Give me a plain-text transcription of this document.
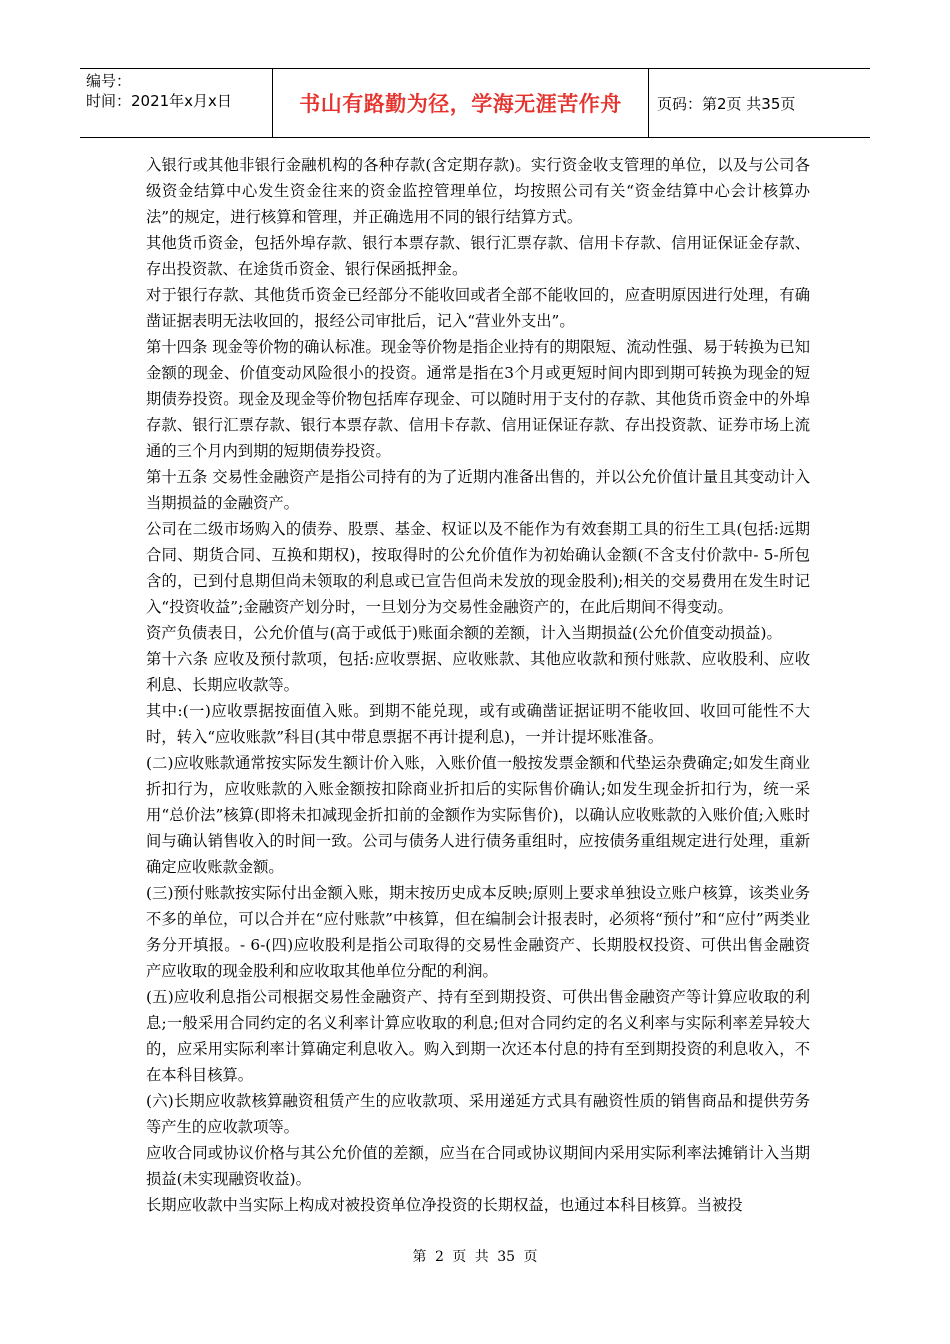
编号：
时间：2021年x月x日	书山有路勤为径，学海无涯苦作舟	页码：第2页 共35页

入银行或其他非银行金融机构的各种存款(含定期存款)。实行资金收支管理的单位，以及与公司各级资金结算中心发生资金往来的资金监控管理单位，均按照公司有关“资金结算中心会计核算办法”的规定，进行核算和管理，并正确选用不同的银行结算方式。

其他货币资金，包括外埠存款、银行本票存款、银行汇票存款、信用卡存款、信用证保证金存款、存出投资款、在途货币资金、银行保函抵押金。

对于银行存款、其他货币资金已经部分不能收回或者全部不能收回的，应查明原因进行处理，有确凿证据表明无法收回的，报经公司审批后，记入“营业外支出”。

第十四条 现金等价物的确认标准。现金等价物是指企业持有的期限短、流动性强、易于转换为已知金额的现金、价值变动风险很小的投资。通常是指在3个月或更短时间内即到期可转换为现金的短期债券投资。现金及现金等价物包括库存现金、可以随时用于支付的存款、其他货币资金中的外埠存款、银行汇票存款、银行本票存款、信用卡存款、信用证保证存款、存出投资款、证券市场上流通的三个月内到期的短期债券投资。

第十五条 交易性金融资产是指公司持有的为了近期内准备出售的，并以公允价值计量且其变动计入当期损益的金融资产。

公司在二级市场购入的债券、股票、基金、权证以及不能作为有效套期工具的衍生工具(包括:远期合同、期货合同、互换和期权)，按取得时的公允价值作为初始确认金额(不含支付价款中- 5-所包含的，已到付息期但尚未领取的利息或已宣告但尚未发放的现金股利);相关的交易费用在发生时记入“投资收益”;金融资产划分时，一旦划分为交易性金融资产的，在此后期间不得变动。

资产负债表日，公允价值与(高于或低于)账面余额的差额，计入当期损益(公允价值变动损益)。

第十六条 应收及预付款项，包括:应收票据、应收账款、其他应收款和预付账款、应收股利、应收利息、长期应收款等。

其中:(一)应收票据按面值入账。到期不能兑现，或有或确凿证据证明不能收回、收回可能性不大时，转入“应收账款”科目(其中带息票据不再计提利息)，一并计提坏账准备。

(二)应收账款通常按实际发生额计价入账，入账价值一般按发票金额和代垫运杂费确定;如发生商业折扣行为，应收账款的入账金额按扣除商业折扣后的实际售价确认;如发生现金折扣行为，统一采用“总价法”核算(即将未扣减现金折扣前的金额作为实际售价)，以确认应收账款的入账价值;入账时间与确认销售收入的时间一致。公司与债务人进行债务重组时，应按债务重组规定进行处理，重新确定应收账款金额。

(三)预付账款按实际付出金额入账，期末按历史成本反映;原则上要求单独设立账户核算，该类业务不多的单位，可以合并在“应付账款”中核算，但在编制会计报表时，必须将“预付”和“应付”两类业务分开填报。- 6-(四)应收股利是指公司取得的交易性金融资产、长期股权投资、可供出售金融资产应收取的现金股利和应收取其他单位分配的利润。

(五)应收利息指公司根据交易性金融资产、持有至到期投资、可供出售金融资产等计算应收取的利息;一般采用合同约定的名义利率计算应收取的利息;但对合同约定的名义利率与实际利率差异较大的，应采用实际利率计算确定利息收入。购入到期一次还本付息的持有至到期投资的利息收入，不在本科目核算。

(六)长期应收款核算融资租赁产生的应收款项、采用递延方式具有融资性质的销售商品和提供劳务等产生的应收款项等。

应收合同或协议价格与其公允价值的差额，应当在合同或协议期间内采用实际利率法摊销计入当期损益(未实现融资收益)。

长期应收款中当实际上构成对被投资单位净投资的长期权益，也通过本科目核算。当被投

第 2 页 共 35 页
